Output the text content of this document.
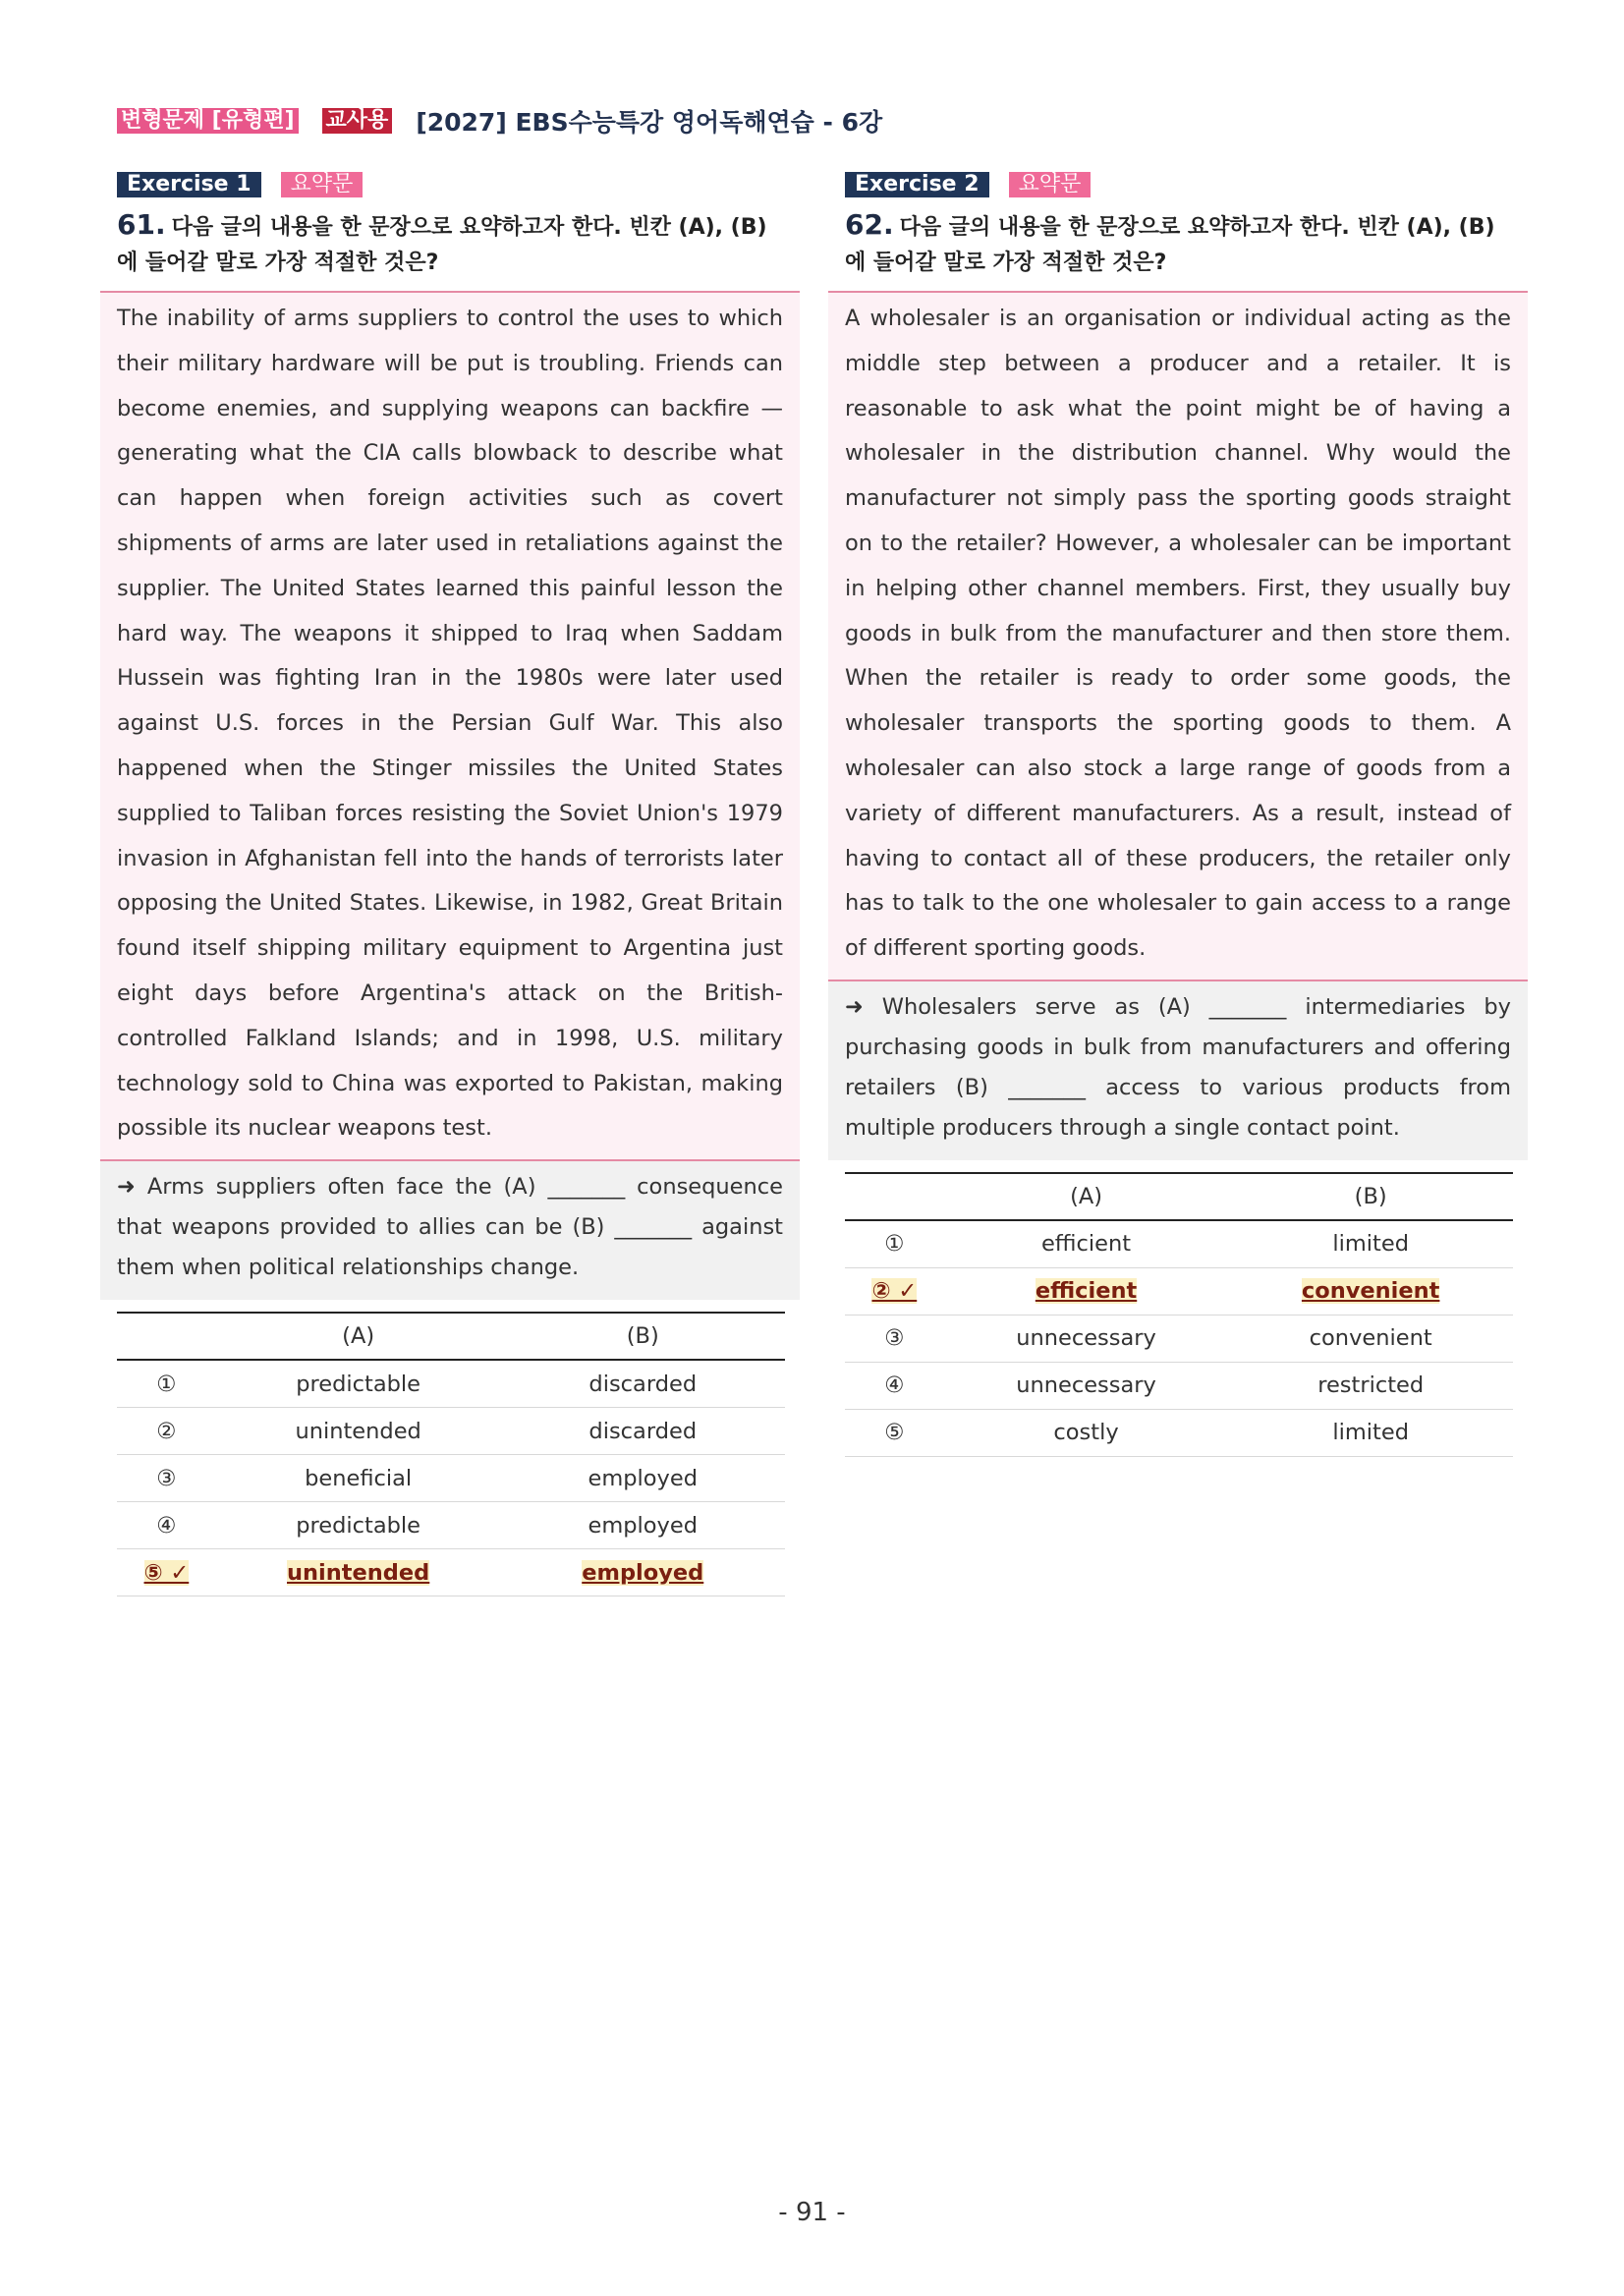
변형문제 [유형편] 교사용 [2027] EBS수능특강 영어독해연습 - 6강
Exercise 1	요약문
61. 다음 글의 내용을 한 문장으로 요약하고자 한다. 빈칸 (A), (B)에 들어갈 말로 가장 적절한 것은?
The inability of arms suppliers to control the uses to which their military hardware will be put is troubling. Friends can become enemies, and supplying weapons can backfire — generating what the CIA calls blowback to describe what can happen when foreign activities such as covert shipments of arms are later used in retaliations against the supplier. The United States learned this painful lesson the hard way. The weapons it shipped to Iraq when Saddam Hussein was fighting Iran in the 1980s were later used against U.S. forces in the Persian Gulf War. This also happened when the Stinger missiles the United States supplied to Taliban forces resisting the Soviet Union's 1979 invasion in Afghanistan fell into the hands of terrorists later opposing the United States. Likewise, in 1982, Great Britain found itself shipping military equipment to Argentina just eight days before Argentina's attack on the British-controlled Falkland Islands; and in 1998, U.S. military technology sold to China was exported to Pakistan, making possible its nuclear weapons test.
➜ Arms suppliers often face the (A) _______ consequence that weapons provided to allies can be (B) _______ against them when political relationships change.
	(A)	(B)
①	predictable	discarded
②	unintended	discarded
③	beneficial	employed
④	predictable	employed
⑤ ✓	unintended	employed
Exercise 2	요약문
62. 다음 글의 내용을 한 문장으로 요약하고자 한다. 빈칸 (A), (B)에 들어갈 말로 가장 적절한 것은?
A wholesaler is an organisation or individual acting as the middle step between a producer and a retailer. It is reasonable to ask what the point might be of having a wholesaler in the distribution channel. Why would the manufacturer not simply pass the sporting goods straight on to the retailer? However, a wholesaler can be important in helping other channel members. First, they usually buy goods in bulk from the manufacturer and then store them. When the retailer is ready to order some goods, the wholesaler transports the sporting goods to them. A wholesaler can also stock a large range of goods from a variety of different manufacturers. As a result, instead of having to contact all of these producers, the retailer only has to talk to the one wholesaler to gain access to a range of different sporting goods.
➜ Wholesalers serve as (A) _______ intermediaries by purchasing goods in bulk from manufacturers and offering retailers (B) _______ access to various products from multiple producers through a single contact point.
	(A)	(B)
①	efficient	limited
② ✓	efficient	convenient
③	unnecessary	convenient
④	unnecessary	restricted
⑤	costly	limited
- 91 -
